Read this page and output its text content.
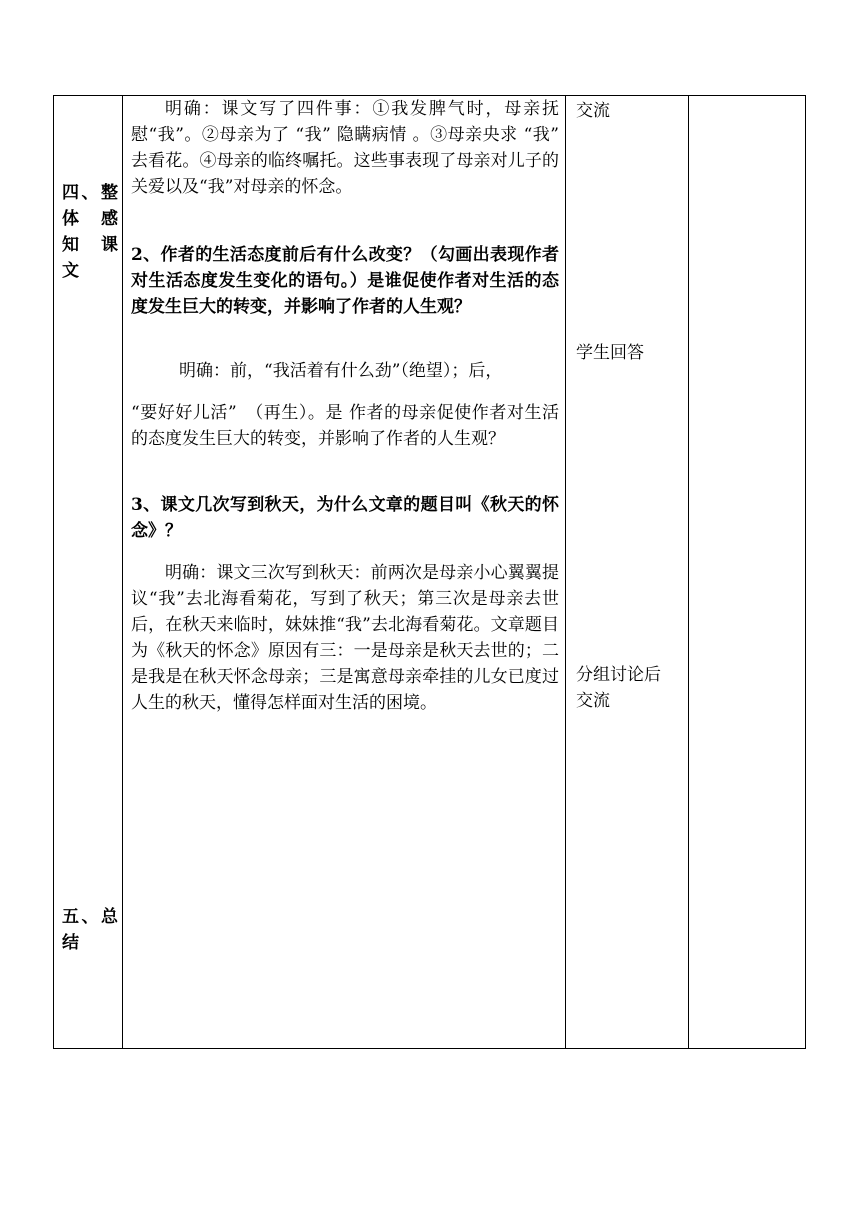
四、整
体 感
知 课
文
五、总
结
明确：课文写了四件事：①我发脾气时，母亲抚慰“我”。②母亲为了 “我” 隐瞒病情 。③母亲央求 “我” 去看花。④母亲的临终嘱托。这些事表现了母亲对儿子的关爱以及“我”对母亲的怀念。
2、作者的生活态度前后有什么改变？（勾画出表现作者对生活态度发生变化的语句。）是谁促使作者对生活的态度发生巨大的转变，并影响了作者的人生观？
明确：前，“我活着有什么劲”（绝望）；后，
“要好好儿活”　（再生）。是 作者的母亲促使作者对生活的态度发生巨大的转变，并影响了作者的人生观？
3、课文几次写到秋天，为什么文章的题目叫《秋天的怀念》？
明确：课文三次写到秋天：前两次是母亲小心翼翼提议“我”去北海看菊花，写到了秋天；第三次是母亲去世后，在秋天来临时，妹妹推“我”去北海看菊花。文章题目为《秋天的怀念》原因有三：一是母亲是秋天去世的；二是我是在秋天怀念母亲；三是寓意母亲牵挂的儿女已度过人生的秋天，懂得怎样面对生活的困境。
交流
学生回答
分组讨论后
交流
